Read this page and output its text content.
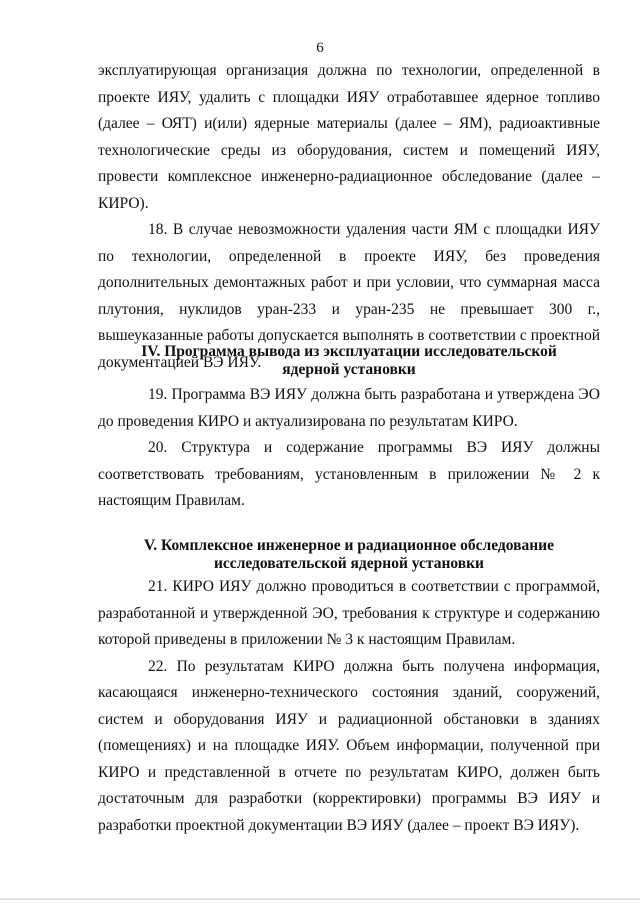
6

эксплуатирующая организация должна по технологии, определенной в проекте ИЯУ, удалить с площадки ИЯУ отработавшее ядерное топливо (далее – ОЯТ) и(или) ядерные материалы (далее – ЯМ), радиоактивные технологические среды из оборудования, систем и помещений ИЯУ, провести комплексное инженерно-радиационное обследование (далее – КИРО).

18. В случае невозможности удаления части ЯМ с площадки ИЯУ по технологии, определенной в проекте ИЯУ, без проведения дополнительных демонтажных работ и при условии, что суммарная масса плутония, нуклидов уран-233 и уран-235 не превышает 300 г., вышеуказанные работы допускается выполнять в соответствии с проектной документацией ВЭ ИЯУ.

IV. Программа вывода из эксплуатации исследовательской
ядерной установки

19. Программа ВЭ ИЯУ должна быть разработана и утверждена ЭО до проведения КИРО и актуализирована по результатам КИРО.

20. Структура и содержание программы ВЭ ИЯУ должны

соответствовать требованиям, установленным в приложении № 2 к настоящим Правилам.

V. Комплексное инженерное и радиационное обследование
исследовательской ядерной установки

21. КИРО ИЯУ должно проводиться в соответствии с программой, разработанной и утвержденной ЭО, требования к структуре и содержанию которой приведены в приложении № 3 к настоящим Правилам.

22. По результатам КИРО должна быть получена информация, касающаяся инженерно-технического состояния зданий, сооружений, систем и оборудования ИЯУ и радиационной обстановки в зданиях (помещениях) и на площадке ИЯУ. Объем информации, полученной при КИРО и представленной в отчете по результатам КИРО, должен быть достаточным для разработки (корректировки) программы ВЭ ИЯУ и разработки проектной документации ВЭ ИЯУ (далее – проект ВЭ ИЯУ).
